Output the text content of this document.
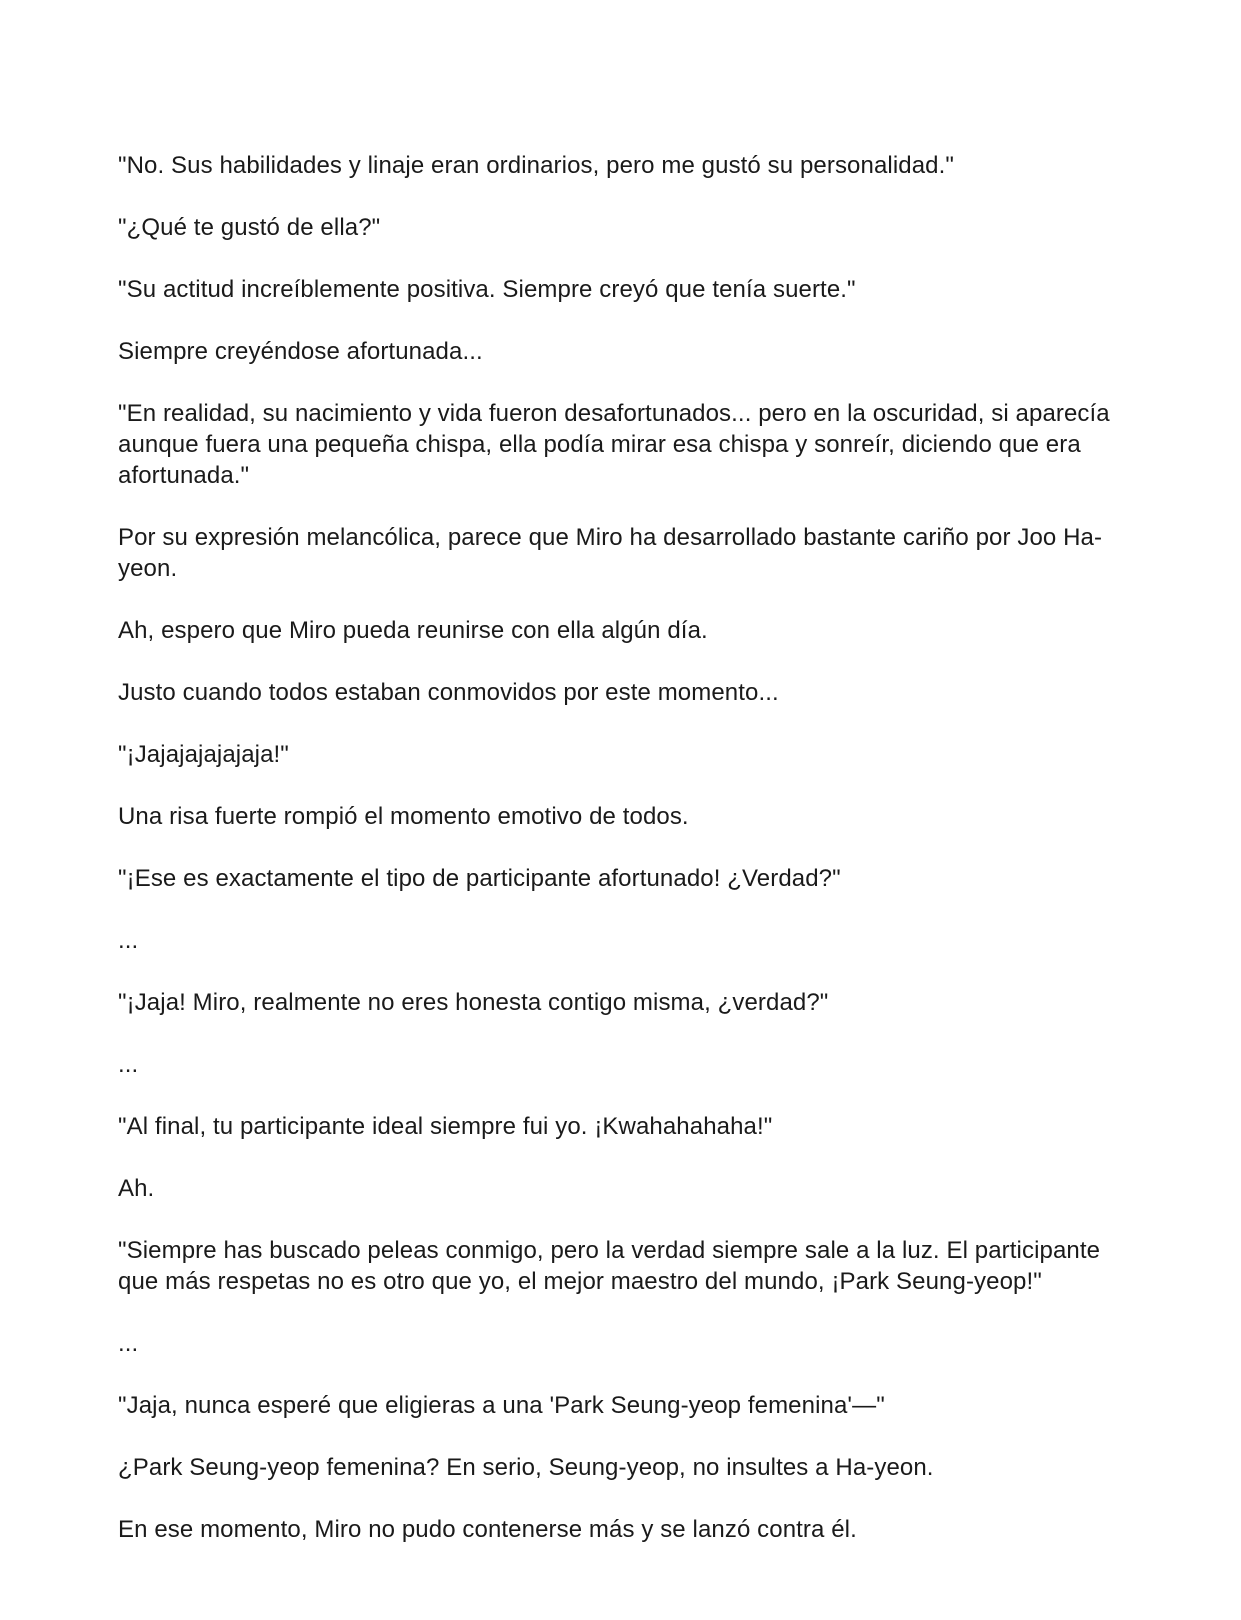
"No. Sus habilidades y linaje eran ordinarios, pero me gustó su personalidad."

"¿Qué te gustó de ella?"

"Su actitud increíblemente positiva. Siempre creyó que tenía suerte."

Siempre creyéndose afortunada...

"En realidad, su nacimiento y vida fueron desafortunados... pero en la oscuridad, si aparecía aunque fuera una pequeña chispa, ella podía mirar esa chispa y sonreír, diciendo que era afortunada."

Por su expresión melancólica, parece que Miro ha desarrollado bastante cariño por Joo Ha-yeon.

Ah, espero que Miro pueda reunirse con ella algún día.

Justo cuando todos estaban conmovidos por este momento...

"¡Jajajajajajaja!"

Una risa fuerte rompió el momento emotivo de todos.

"¡Ese es exactamente el tipo de participante afortunado! ¿Verdad?"

...

"¡Jaja! Miro, realmente no eres honesta contigo misma, ¿verdad?"

...

"Al final, tu participante ideal siempre fui yo. ¡Kwahahahaha!"

Ah.

"Siempre has buscado peleas conmigo, pero la verdad siempre sale a la luz. El participante que más respetas no es otro que yo, el mejor maestro del mundo, ¡Park Seung-yeop!"

...

"Jaja, nunca esperé que eligieras a una 'Park Seung-yeop femenina'—"

¿Park Seung-yeop femenina? En serio, Seung-yeop, no insultes a Ha-yeon.

En ese momento, Miro no pudo contenerse más y se lanzó contra él.
